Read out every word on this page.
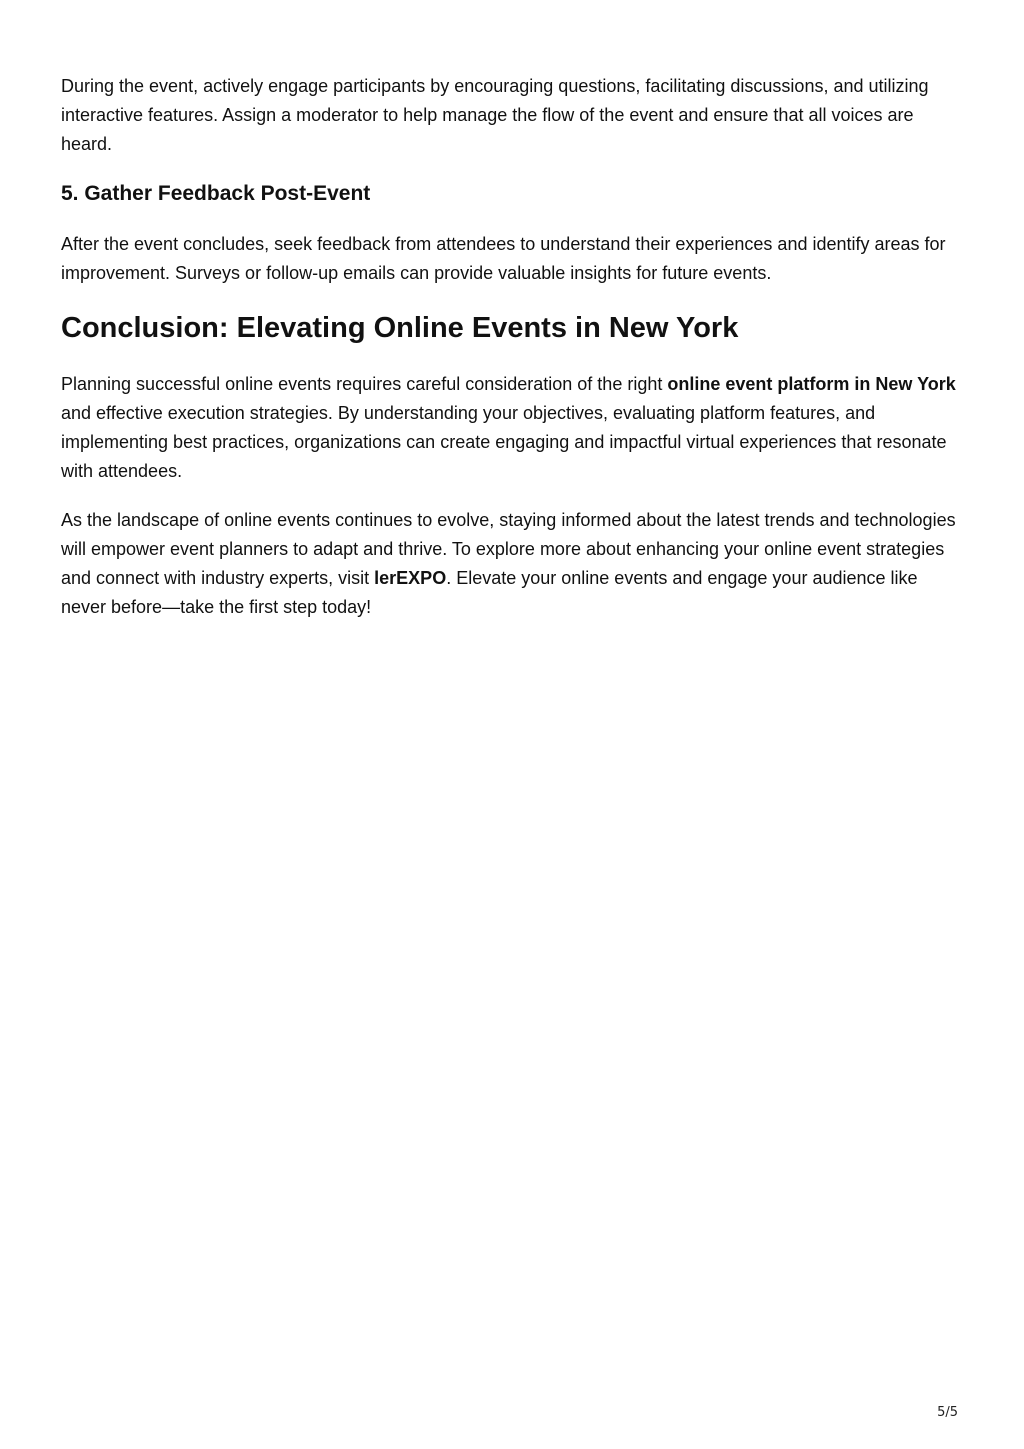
During the event, actively engage participants by encouraging questions, facilitating discussions, and utilizing interactive features. Assign a moderator to help manage the flow of the event and ensure that all voices are heard.

5. Gather Feedback Post-Event

After the event concludes, seek feedback from attendees to understand their experiences and identify areas for improvement. Surveys or follow-up emails can provide valuable insights for future events.

Conclusion: Elevating Online Events in New York

Planning successful online events requires careful consideration of the right online event platform in New York and effective execution strategies. By understanding your objectives, evaluating platform features, and implementing best practices, organizations can create engaging and impactful virtual experiences that resonate with attendees.

As the landscape of online events continues to evolve, staying informed about the latest trends and technologies will empower event planners to adapt and thrive. To explore more about enhancing your online event strategies and connect with industry experts, visit lerEXPO. Elevate your online events and engage your audience like never before—take the first step today!

5/5
